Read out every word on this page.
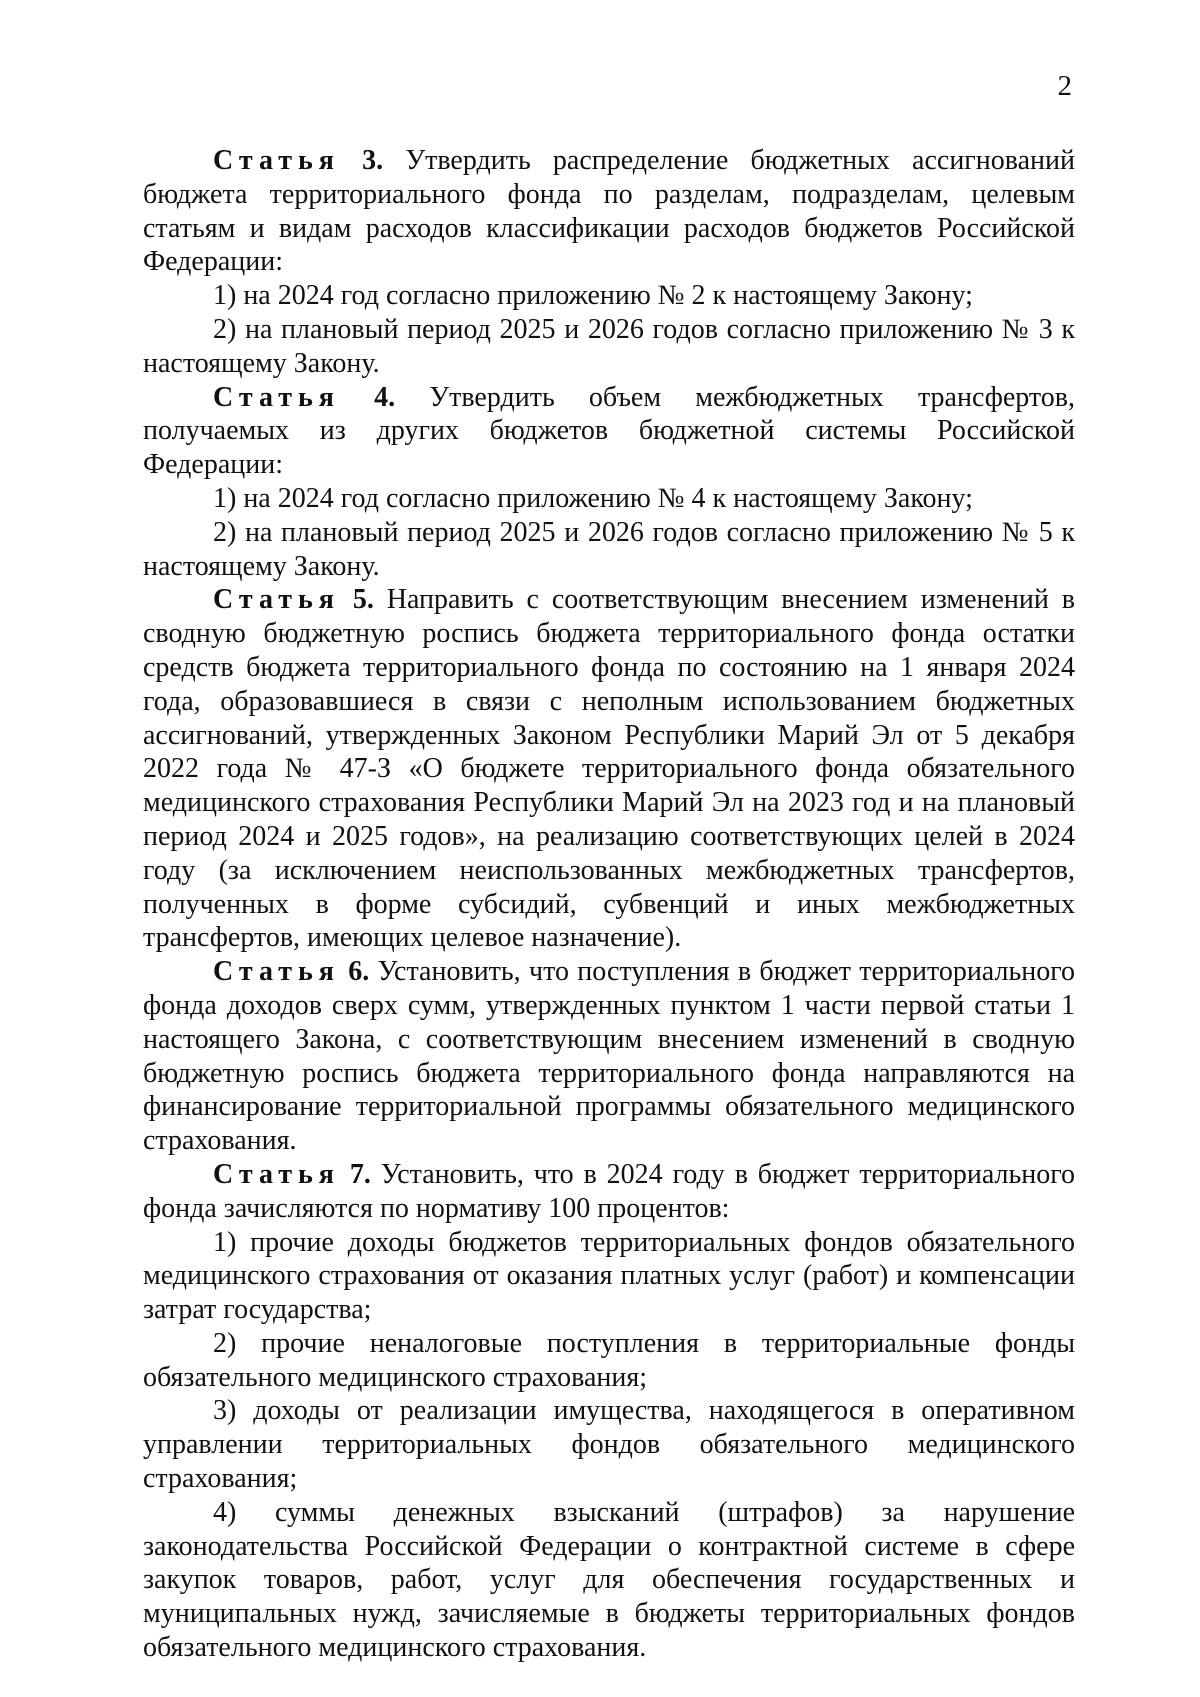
2

Статья 3. Утвердить распределение бюджетных ассигнований бюджета территориального фонда по разделам, подразделам, целевым статьям и видам расходов классификации расходов бюджетов Российской Федерации:

1) на 2024 год согласно приложению № 2 к настоящему Закону;

2) на плановый период 2025 и 2026 годов согласно приложению № 3 к настоящему Закону.

Статья 4. Утвердить объем межбюджетных трансфертов, получаемых из других бюджетов бюджетной системы Российской Федерации:

1) на 2024 год согласно приложению № 4 к настоящему Закону;

2) на плановый период 2025 и 2026 годов согласно приложению № 5 к настоящему Закону.

Статья 5. Направить с соответствующим внесением изменений в сводную бюджетную роспись бюджета территориального фонда остатки средств бюджета территориального фонда по состоянию на 1 января 2024 года, образовавшиеся в связи с неполным использованием бюджетных ассигнований, утвержденных Законом Республики Марий Эл от 5 декабря 2022 года № 47-З «О бюджете территориального фонда обязательного медицинского страхования Республики Марий Эл на 2023 год и на плановый период 2024 и 2025 годов», на реализацию соответствующих целей в 2024 году (за исключением неиспользованных межбюджетных трансфертов, полученных в форме субсидий, субвенций и иных межбюджетных трансфертов, имеющих целевое назначение).

Статья 6. Установить, что поступления в бюджет территориального фонда доходов сверх сумм, утвержденных пунктом 1 части первой статьи 1 настоящего Закона, с соответствующим внесением изменений в сводную бюджетную роспись бюджета территориального фонда направляются на финансирование территориальной программы обязательного медицинского страхования.

Статья 7. Установить, что в 2024 году в бюджет территориального фонда зачисляются по нормативу 100 процентов:

1) прочие доходы бюджетов территориальных фондов обязательного медицинского страхования от оказания платных услуг (работ) и компенсации затрат государства;

2) прочие неналоговые поступления в территориальные фонды обязательного медицинского страхования;

3) доходы от реализации имущества, находящегося в оперативном управлении территориальных фондов обязательного медицинского страхования;

4) суммы денежных взысканий (штрафов) за нарушение законодательства Российской Федерации о контрактной системе в сфере закупок товаров, работ, услуг для обеспечения государственных и муниципальных нужд, зачисляемые в бюджеты территориальных фондов обязательного медицинского страхования.
